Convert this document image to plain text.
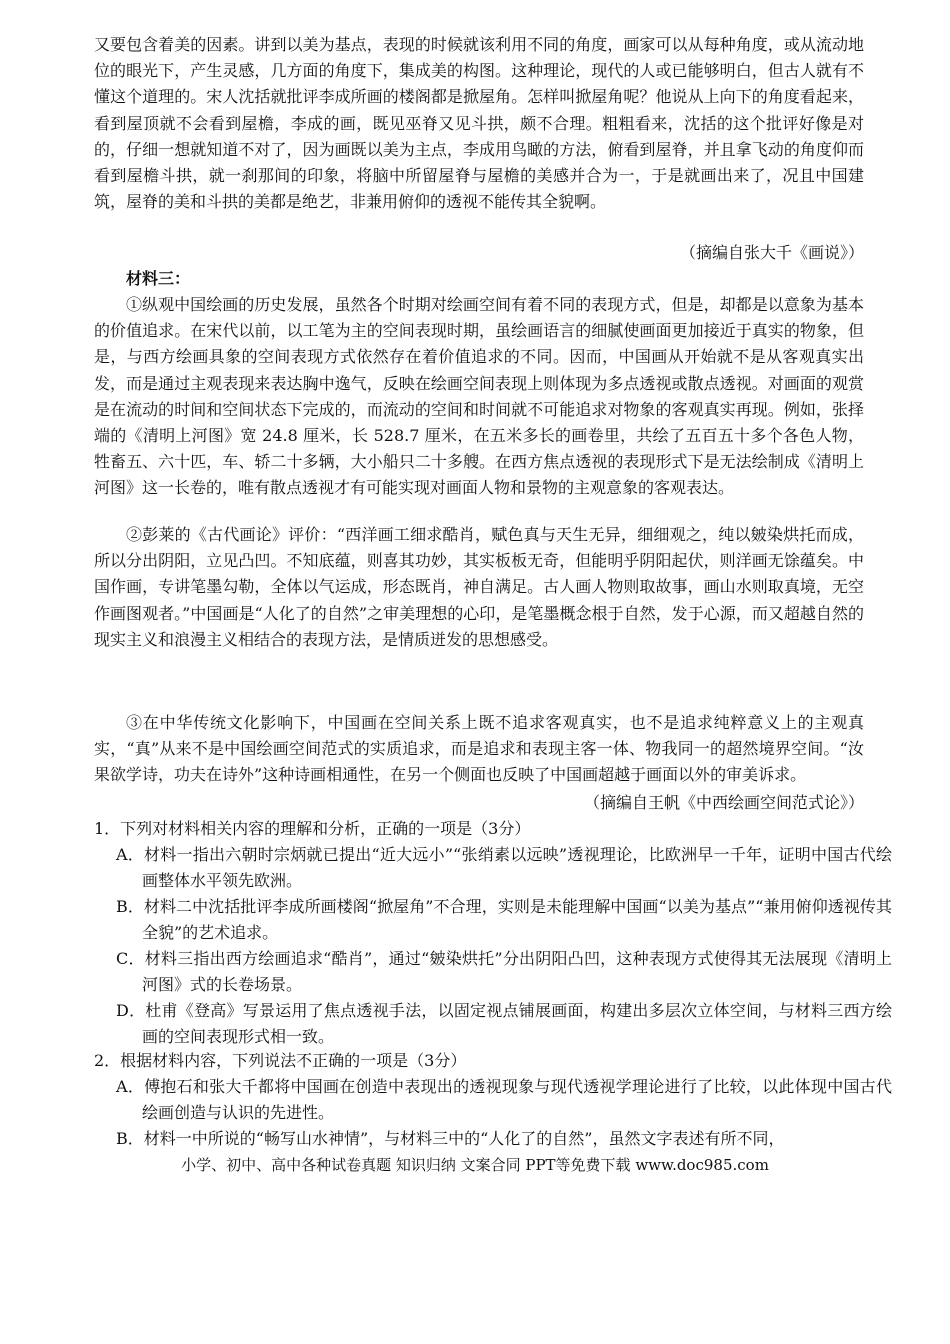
又要包含着美的因素。讲到以美为基点，表现的时候就该利用不同的角度，画家可以从每种角度，或从流动地位的眼光下，产生灵感，几方面的角度下，集成美的构图。这种理论，现代的人或已能够明白，但古人就有不懂这个道理的。宋人沈括就批评李成所画的楼阁都是掀屋角。怎样叫掀屋角呢？他说从上向下的角度看起来，看到屋顶就不会看到屋檐，李成的画，既见巫脊又见斗拱，颇不合理。粗粗看来，沈括的这个批评好像是对的，仔细一想就知道不对了，因为画既以美为主点，李成用鸟瞰的方法，俯看到屋脊，并且拿飞动的角度仰而看到屋檐斗拱，就一刹那间的印象，将脑中所留屋脊与屋檐的美感并合为一，于是就画出来了，况且中国建筑，屋脊的美和斗拱的美都是绝艺，非兼用俯仰的透视不能传其全貌啊。

（摘编自张大千《画说》）

材料三：

①纵观中国绘画的历史发展，虽然各个时期对绘画空间有着不同的表现方式，但是，却都是以意象为基本的价值追求。在宋代以前，以工笔为主的空间表现时期，虽绘画语言的细腻使画面更加接近于真实的物象，但是，与西方绘画具象的空间表现方式依然存在着价值追求的不同。因而，中国画从开始就不是从客观真实出发，而是通过主观表现来表达胸中逸气，反映在绘画空间表现上则体现为多点透视或散点透视。对画面的观赏是在流动的时间和空间状态下完成的，而流动的空间和时间就不可能追求对物象的客观真实再现。例如，张择端的《清明上河图》宽 24.8 厘米，长 528.7 厘米，在五米多长的画卷里，共绘了五百五十多个各色人物，牲畜五、六十匹，车、轿二十多辆，大小船只二十多艘。在西方焦点透视的表现形式下是无法绘制成《清明上河图》这一长卷的，唯有散点透视才有可能实现对画面人物和景物的主观意象的客观表达。

②彭莱的《古代画论》评价：“西洋画工细求酷肖，赋色真与天生无异，细细观之，纯以皴染烘托而成，所以分出阴阳，立见凸凹。不知底蕴，则喜其功妙，其实板板无奇，但能明乎阴阳起伏，则洋画无馀蕴矣。中国作画，专讲笔墨勾勒，全体以气运成，形态既肖，神自满足。古人画人物则取故事，画山水则取真境，无空作画图观者。”中国画是“人化了的自然”之审美理想的心印，是笔墨概念根于自然，发于心源，而又超越自然的现实主义和浪漫主义相结合的表现方法，是情质迸发的思想感受。

③在中华传统文化影响下，中国画在空间关系上既不追求客观真实，也不是追求纯粹意义上的主观真实，“真”从来不是中国绘画空间范式的实质追求，而是追求和表现主客一体、物我同一的超然境界空间。“汝果欲学诗，功夫在诗外”这种诗画相通性，在另一个侧面也反映了中国画超越于画面以外的审美诉求。

（摘编自王帆《中西绘画空间范式论》）

1．下列对材料相关内容的理解和分析，正确的一项是（3分）

A．材料一指出六朝时宗炳就已提出“近大远小”“张绡素以远映”透视理论，比欧洲早一千年，证明中国古代绘画整体水平领先欧洲。

B．材料二中沈括批评李成所画楼阁“掀屋角”不合理，实则是未能理解中国画“以美为基点”“兼用俯仰透视传其全貌”的艺术追求。

C．材料三指出西方绘画追求“酷肖”，通过“皴染烘托”分出阴阳凸凹，这种表现方式使得其无法展现《清明上河图》式的长卷场景。

D．杜甫《登高》写景运用了焦点透视手法，以固定视点铺展画面，构建出多层次立体空间，与材料三西方绘画的空间表现形式相一致。

2．根据材料内容，下列说法不正确的一项是（3分）

A．傅抱石和张大千都将中国画在创造中表现出的透视现象与现代透视学理论进行了比较，以此体现中国古代绘画创造与认识的先进性。

B．材料一中所说的“畅写山水神情”，与材料三中的“人化了的自然”，虽然文字表述有所不同，

小学、初中、高中各种试卷真题 知识归纳 文案合同 PPT等免费下载 www.doc985.com
